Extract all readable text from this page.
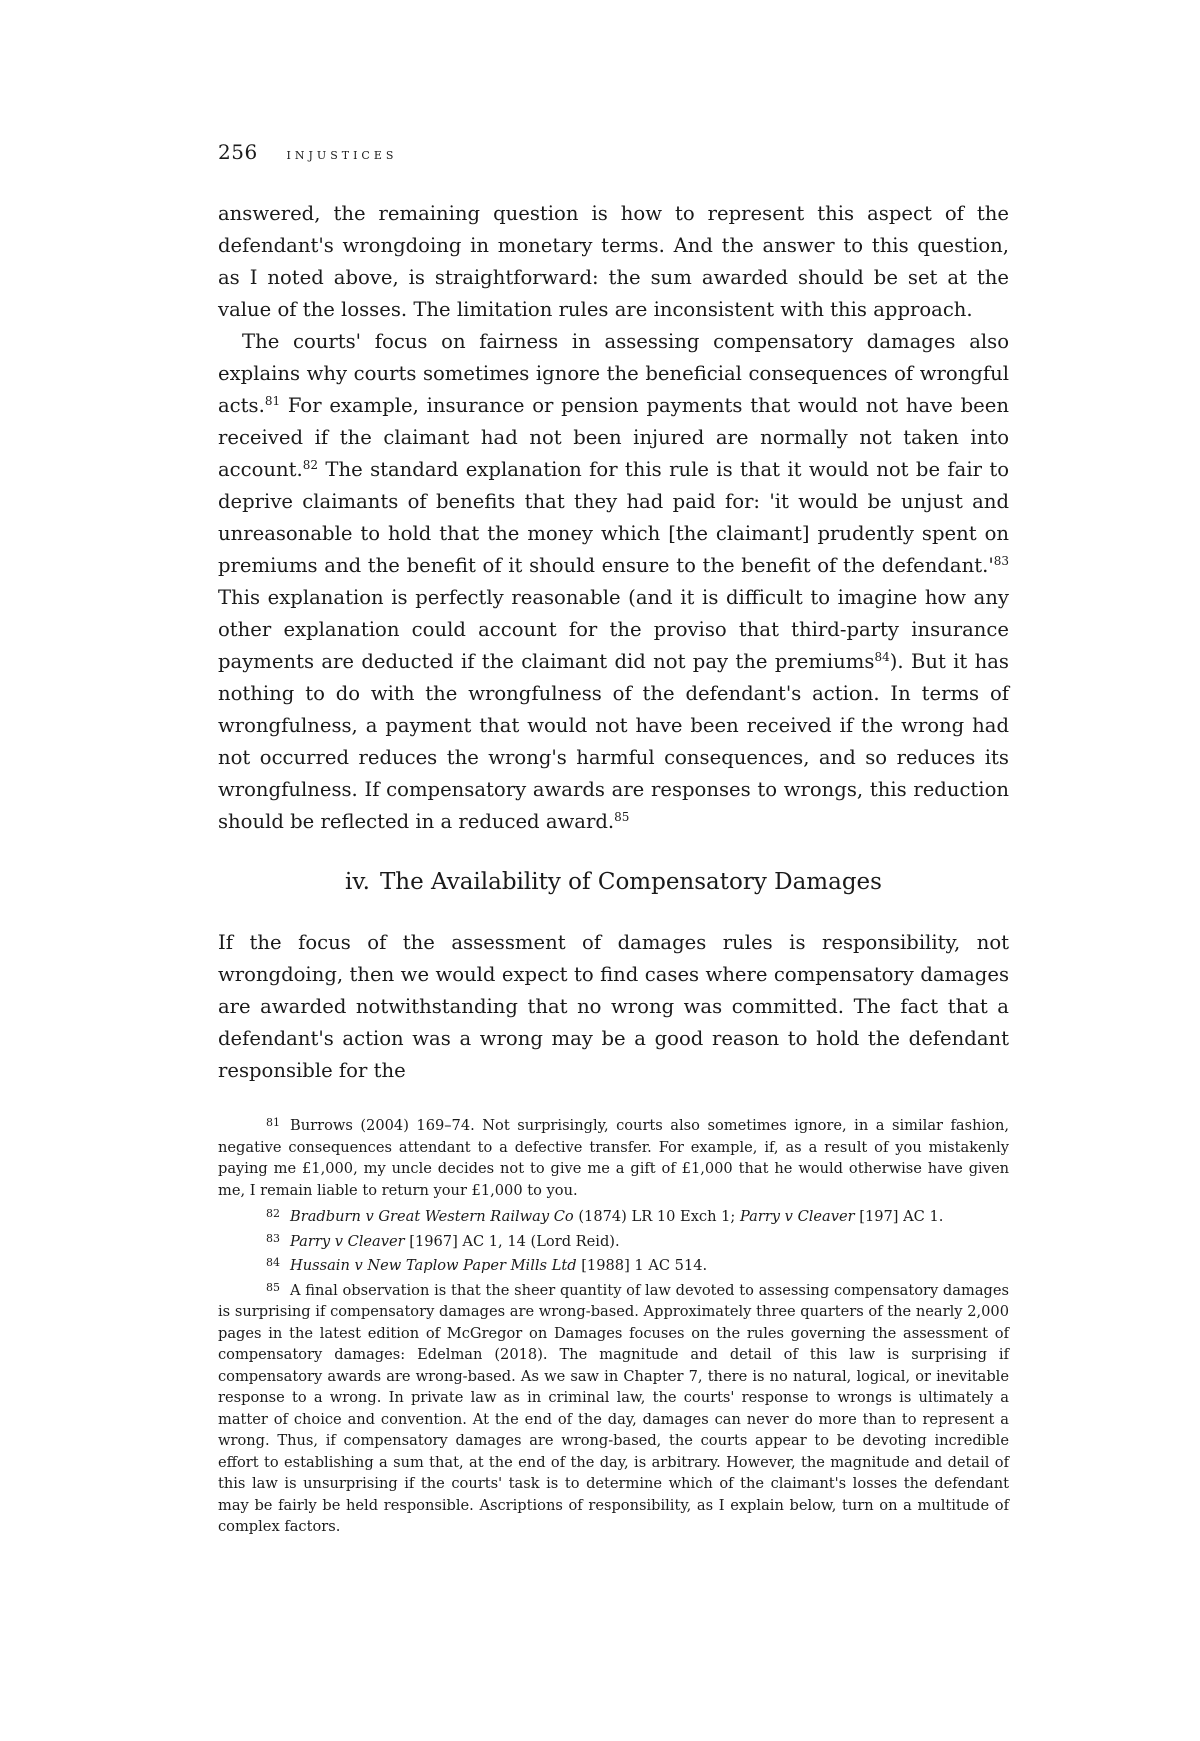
256 injustices

answered, the remaining question is how to represent this aspect of the defendant's wrongdoing in monetary terms. And the answer to this question, as I noted above, is straightforward: the sum awarded should be set at the value of the losses. The limitation rules are inconsistent with this approach.

The courts' focus on fairness in assessing compensatory damages also explains why courts sometimes ignore the beneficial consequences of wrongful acts.$^{81}$ For example, insurance or pension payments that would not have been received if the claimant had not been injured are normally not taken into account.$^{82}$ The standard explanation for this rule is that it would not be fair to deprive claimants of benefits that they had paid for: 'it would be unjust and unreasonable to hold that the money which [the claimant] prudently spent on premiums and the benefit of it should ensure to the benefit of the $defendant.'^{83}$ This explanation is perfectly reasonable (and it is difficult to imagine how any other explanation could account for the proviso that third-party insurance payments are deducted if the claimant did not pay the premiums$^{84}$). But it has nothing to do with the wrongfulness of the defendant's action. In terms of wrongfulness, a payment that would not have been received if the wrong had not occurred reduces the wrong's harmful consequences, and so reduces its wrongfulness. If compensatory awards are responses to wrongs, this reduction should be reflected in a reduced award.$^{85}$

iv. The Availability of Compensatory Damages

If the focus of the assessment of damages rules is responsibility, not wrongdoing, then we would expect to find cases where compensatory damages are awarded notwithstanding that no wrong was committed. The fact that a defendant's action was a wrong may be a good reason to hold the defendant responsible for the

81 Burrows (2004) 169–74. Not surprisingly, courts also sometimes ignore, in a similar fashion, negative consequences attendant to a defective transfer. For example, if, as a result of you mistakenly paying me £1,000, my uncle decides not to give me a gift of £1,000 that he would otherwise have given me, I remain liable to return your £1,000 to you.

82 Bradburn v Great Western Railway Co (1874) LR 10 Exch 1; Parry v Cleaver [197] AC 1.

83 Parry v Cleaver [1967] AC 1, 14 (Lord Reid).

84 Hussain v New Taplow Paper Mills Ltd [1988] 1 AC 514.

85 A final observation is that the sheer quantity of law devoted to assessing compensatory damages is surprising if compensatory damages are wrong-based. Approximately three quarters of the nearly 2,000 pages in the latest edition of McGregor on Damages focuses on the rules governing the assessment of compensatory damages: Edelman (2018). The magnitude and detail of this law is surprising if compensatory awards are wrong-based. As we saw in Chapter 7, there is no natural, logical, or inevitable response to a wrong. In private law as in criminal law, the courts' response to wrongs is ultimately a matter of choice and convention. At the end of the day, damages can never do more than to represent a wrong. Thus, if compensatory damages are wrong-based, the courts appear to be devoting incredible effort to establishing a sum that, at the end of the day, is arbitrary. However, the magnitude and detail of this law is unsurprising if the courts' task is to determine which of the claimant's losses the defendant may be fairly be held responsible. Ascriptions of responsibility, as I explain below, turn on a multitude of complex factors.
